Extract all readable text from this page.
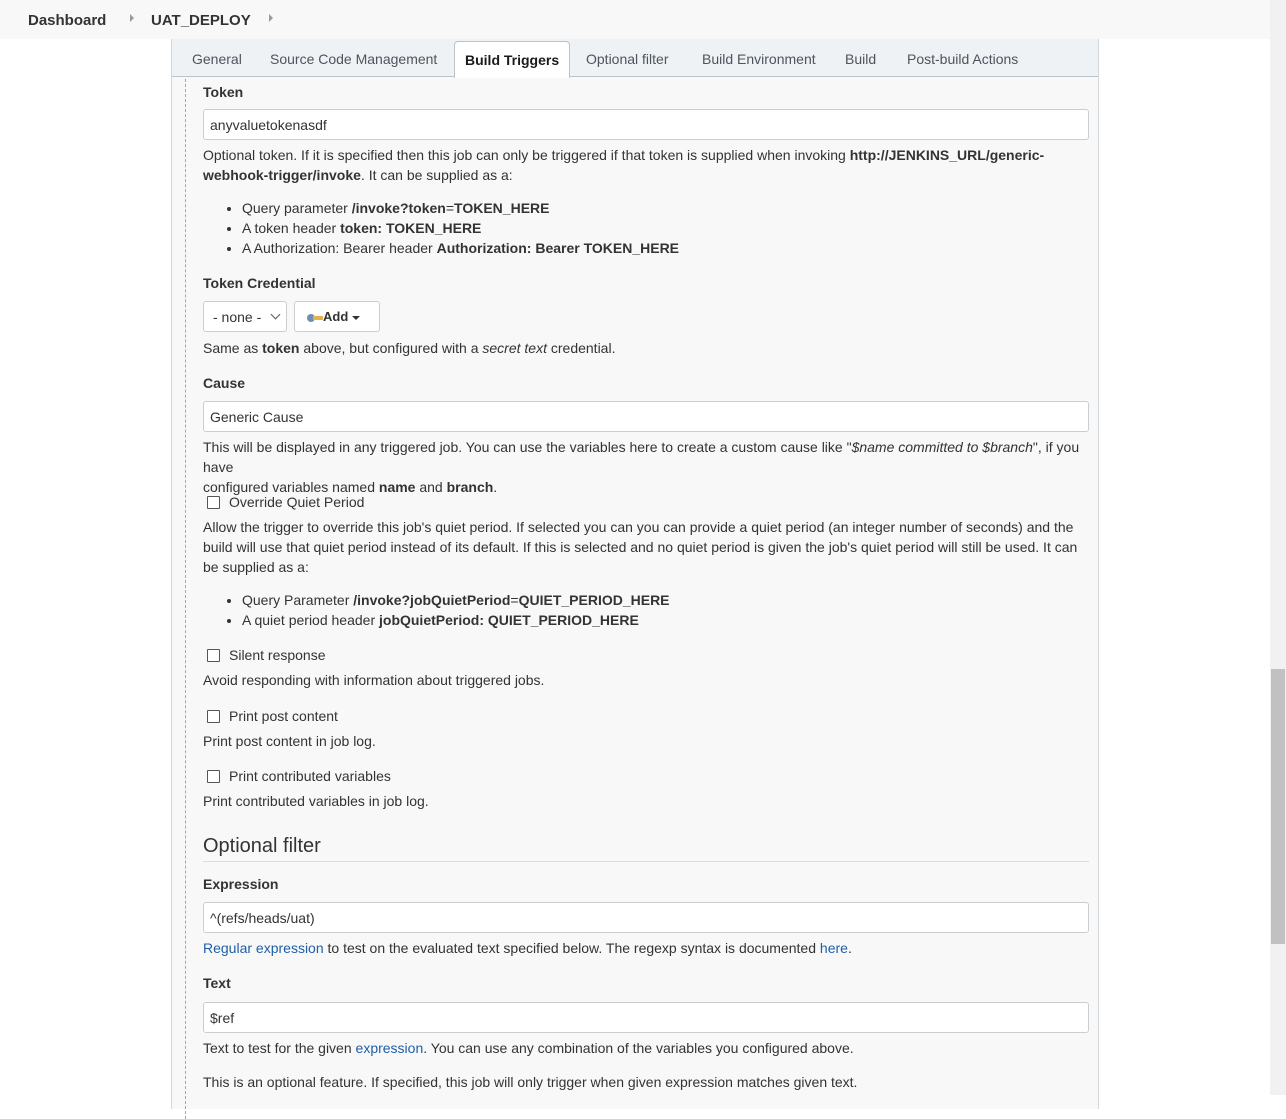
Dashboard	UAT_DEPLOY
General Source Code Management	Build Triggers	Optional filter Build Environment Build Post-build Actions
Token
anyvaluetokenasdf
Optional token. If it is specified then this job can only be triggered if that token is supplied when invoking http://JENKINS_URL/generic-
webhook-trigger/invoke. It can be supplied as a:
• Query parameter /invoke?token=TOKEN_HERE
• A token header token: TOKEN_HERE
• A Authorization: Bearer header Authorization: Bearer TOKEN_HERE
Token Credential
- none -	Add
Same as token above, but configured with a secret text credential.
Cause
Generic Cause
This will be displayed in any triggered job. You can use the variables here to create a custom cause like "$name committed to $branch", if you have
configured variables named name and branch.
Override Quiet Period
Allow the trigger to override this job's quiet period. If selected you can you can provide a quiet period (an integer number of seconds) and the
build will use that quiet period instead of its default. If this is selected and no quiet period is given the job's quiet period will still be used. It can
be supplied as a:
• Query Parameter /invoke?jobQuietPeriod=QUIET_PERIOD_HERE
• A quiet period header jobQuietPeriod: QUIET_PERIOD_HERE
Silent response
Avoid responding with information about triggered jobs.
Print post content
Print post content in job log.
Print contributed variables
Print contributed variables in job log.
Optional filter
Expression
^(refs/heads/uat)
Regular expression to test on the evaluated text specified below. The regexp syntax is documented here.
Text
$ref
Text to test for the given expression. You can use any combination of the variables you configured above.
This is an optional feature. If specified, this job will only trigger when given expression matches given text.
